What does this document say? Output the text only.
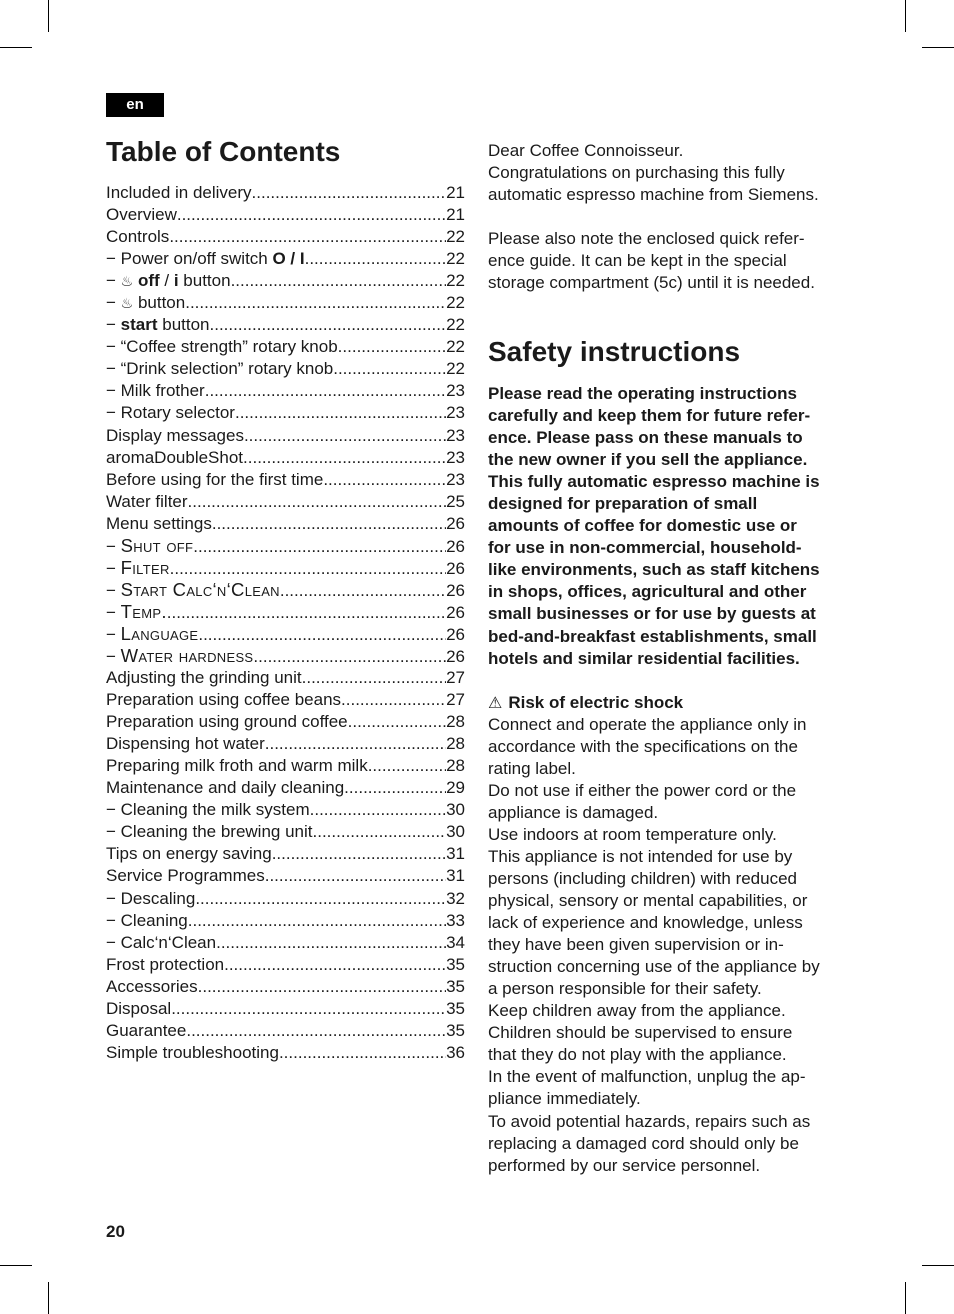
en
Table of Contents
Included in delivery .....	21
Overview .....	21
Controls .....	22
− Power on/off switch O / I .....	22
− ♨ off / i button .....	22
− ♨ button .....	22
− start button .....	22
− “Coffee strength” rotary knob .....	22
− “Drink selection” rotary knob .....	22
− Milk frother .....	23
− Rotary selector .....	23
Display messages .....	23
aromaDoubleShot. .....	23
Before using for the first time. .....	23
Water filter .....	25
Menu settings .....	26
− Shut off .....	26
− Filter .....	26
− Start Calc‘n‘Clean .....	26
− Temp. .....	26
− Language .....	26
− Water hardness .....	26
Adjusting the grinding unit .....	27
Preparation using coffee beans .....	27
Preparation using ground coffee .....	28
Dispensing hot water .....	28
Preparing milk froth and warm milk .....	28
Maintenance and daily cleaning .....	29
− Cleaning the milk system .....	30
− Cleaning the brewing unit. .....	30
Tips on energy saving .....	31
Service Programmes .....	31
− Descaling .....	32
− Cleaning .....	33
− Calc‘n‘Clean .....	34
Frost protection. .....	35
Accessories .....	35
Disposal .....	35
Guarantee. .....	35
Simple troubleshooting .....	36

Dear Coffee Connoisseur.

Congratulations on purchasing this fully

automatic espresso machine from Siemens.

Please also note the enclosed quick refer-

ence guide. It can be kept in the special

storage compartment (5c) until it is needed.

Safety instructions

Please read the operating instructions

carefully and keep them for future refer-

ence. Please pass on these manuals to

the new owner if you sell the appliance.

This fully automatic espresso machine is

designed for preparation of small

amounts of coffee for domestic use or

for use in non-commercial, household-

like environments, such as staff kitchens

in shops, offices, agricultural and other

small businesses or for use by guests at

bed-and-breakfast establishments, small

hotels and similar residential facilities.

⚠ Risk of electric shock

Connect and operate the appliance only in

accordance with the specifications on the

rating label.

Do not use if either the power cord or the

appliance is damaged.

Use indoors at room temperature only.

This appliance is not intended for use by

persons (including children) with reduced

physical, sensory or mental capabilities, or

lack of experience and knowledge, unless

they have been given supervision or in-

struction concerning use of the appliance by

a person responsible for their safety.

Keep children away from the appliance.

Children should be supervised to ensure

that they do not play with the appliance.

In the event of malfunction, unplug the ap-

pliance immediately.

To avoid potential hazards, repairs such as

replacing a damaged cord should only be

performed by our service personnel.

20
